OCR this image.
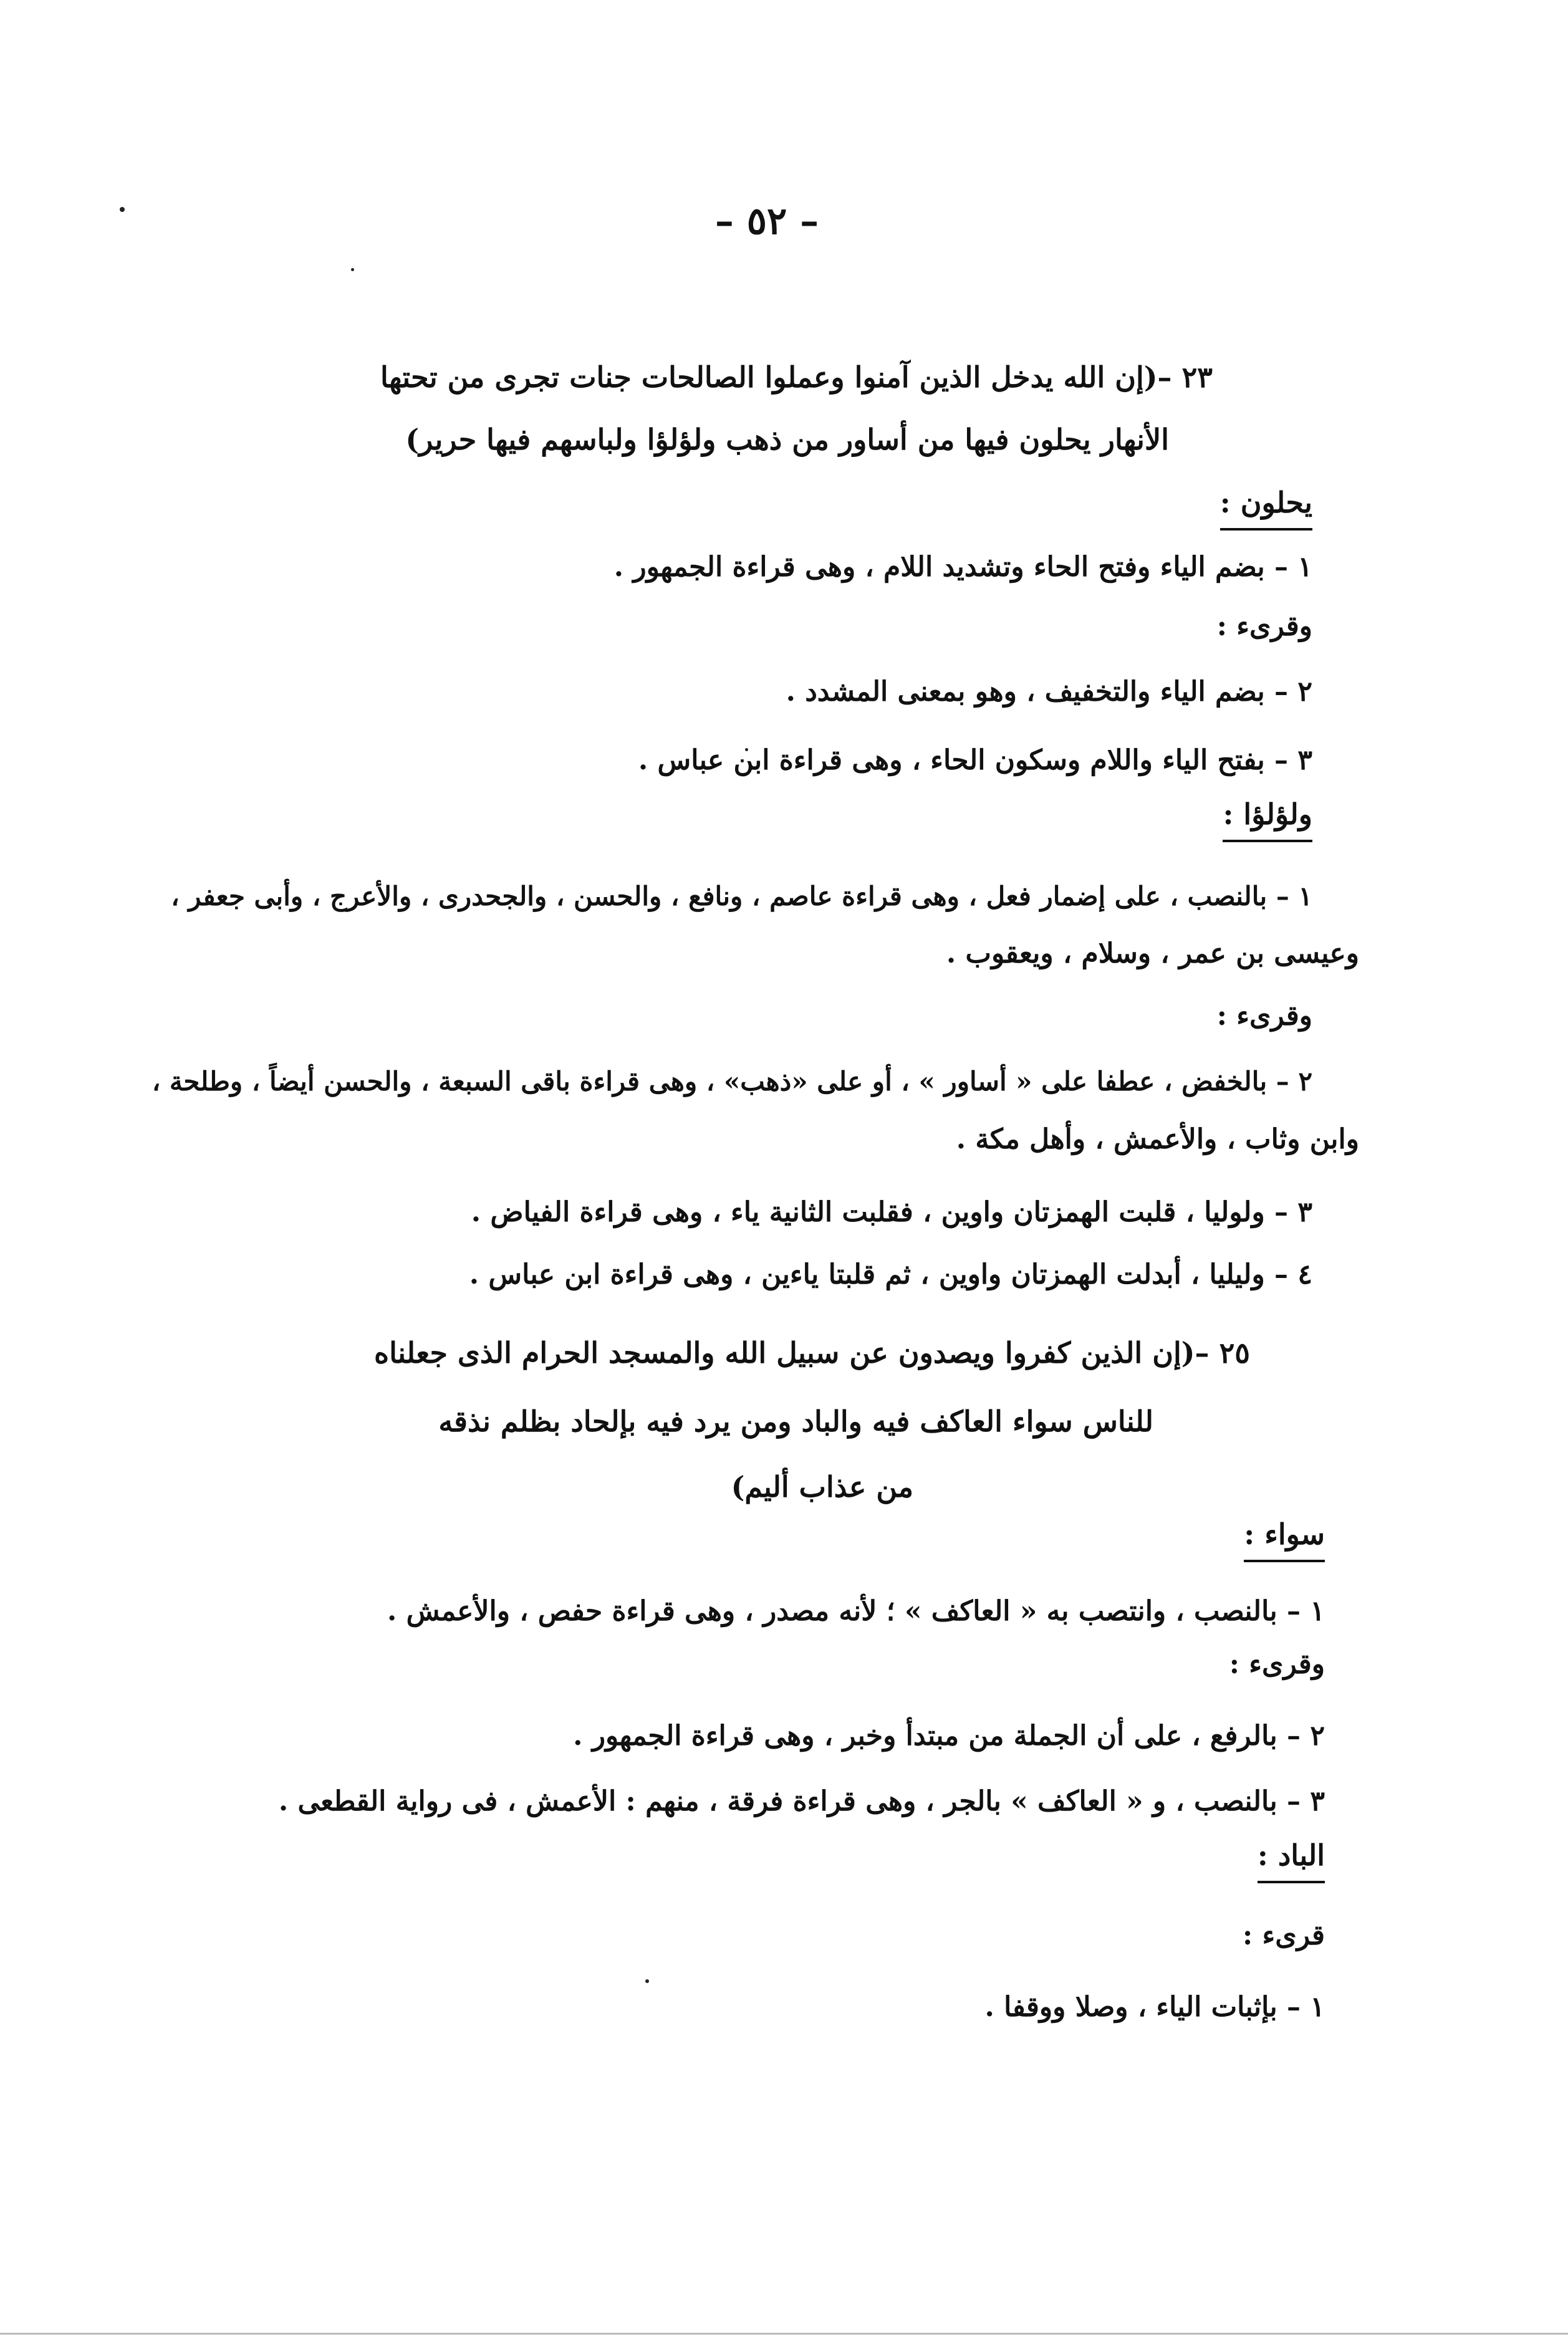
– ٥٢ –
٢٣ –(إن الله يدخل الذين آمنوا وعملوا الصالحات جنات تجرى من تحتها
الأنهار يحلون فيها من أساور من ذهب ولؤلؤا ولباسهم فيها حرير)
يحلون :
١ – بضم الياء وفتح الحاء وتشديد اللام ، وهى قراءة الجمهور .
وقرىء :
٢ – بضم الياء والتخفيف ، وهو بمعنى المشدد .
٣ – بفتح الياء واللام وسكون الحاء ، وهى قراءة ابن عباس .
ولؤلؤا :
١ – بالنصب ، على إضمار فعل ، وهى قراءة عاصم ، ونافع ، والحسن ، والجحدرى ، والأعرج ، وأبى جعفر ،
وعيسى بن عمر ، وسلام ، ويعقوب .
وقرىء :
٢ – بالخفض ، عطفا على « أساور » ، أو على «ذهب» ، وهى قراءة باقى السبعة ، والحسن أيضاً ، وطلحة ،
وابن وثاب ، والأعمش ، وأهل مكة .
٣ – ولوليا ، قلبت الهمزتان واوين ، فقلبت الثانية ياء ، وهى قراءة الفياض .
٤ – وليليا ، أبدلت الهمزتان واوين ، ثم قلبتا ياءين ، وهى قراءة ابن عباس .
٢٥ –(إن الذين كفروا ويصدون عن سبيل الله والمسجد الحرام الذى جعلناه
للناس سواء العاكف فيه والباد ومن يرد فيه بإلحاد بظلم نذقه
من عذاب أليم)
سواء :
١ – بالنصب ، وانتصب به « العاكف » ؛ لأنه مصدر ، وهى قراءة حفص ، والأعمش .
وقرىء :
٢ – بالرفع ، على أن الجملة من مبتدأ وخبر ، وهى قراءة الجمهور .
٣ – بالنصب ، و « العاكف » بالجر ، وهى قراءة فرقة ، منهم : الأعمش ، فى رواية القطعى .
الباد :
قرىء :
١ – بإثبات الياء ، وصلا ووقفا .
